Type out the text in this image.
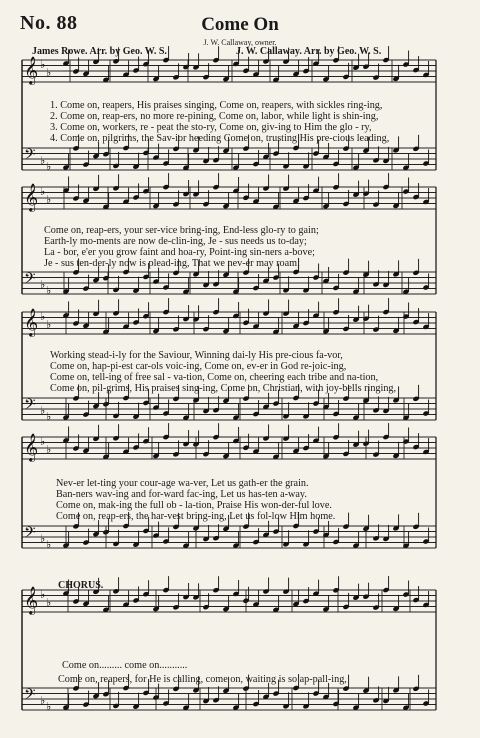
No. 88	Come On
J. W. Callaway, owner.
James Rowe. Arr. by Geo. W. S.	J. W. Callaway. Arr. by Geo. W. S.
𝄞 ♭
♭
𝄢 ♭ ♭
𝄞 ♭
♭
𝄢 ♭ ♭
𝄞 ♭
♭
𝄢 ♭ ♭
𝄞 ♭
♭
𝄢 ♭ ♭
𝄞 ♭
♭
𝄢 ♭ ♭
1. Come on, reapers, His praises singing, Come on, reapers, with sickles ring-ing,
2. Come on, reap-ers, no more re-pining, Come on, labor, while light is shin-ing,
3. Come on, workers, re - peat the sto-ry, Come on, giv-ing to Him the glo - ry,
4. Come on, pilgrims, the Sav-ior heeding Come on, trusting His pre-cious leading,
Come on, reap-ers, your ser-vice bring-ing, End-less glo-ry to gain;
Earth-ly mo-ments are now de-clin-ing, Je - sus needs us to-day;
La - bor, e'er you grow faint and hoa-ry, Point-ing sin-ners a-bove;
Je - sus ten-der-ly now is plead-ing, That we nev-er may roam;
Working stead-i-ly for the Saviour, Winning dai-ly His pre-cious fa-vor,
Come on, hap-pi-est car-ols voic-ing, Come on, ev-er in God re-joic-ing,
Come on, tell-ing of free sal - va-tion, Come on, cheering each tribe and na-tion,
Come on, pil-grims, His praises sing-ing, Come on, Christian, with joy-bells ringing,
Nev-er let-ting your cour-age wa-ver, Let us gath-er the grain.
Ban-ners wav-ing and for-ward fac-ing, Let us has-ten a-way.
Come on, mak-ing the full ob - la-tion, Praise His won-der-ful love.
Come on, reap-ers, the har-vest bring-ing, Let us fol-low Him home.
CHORUS.
Come on......... come on...........
Come on, reapers, for He is calling, come on, waiting is so ap-pall-ing,
